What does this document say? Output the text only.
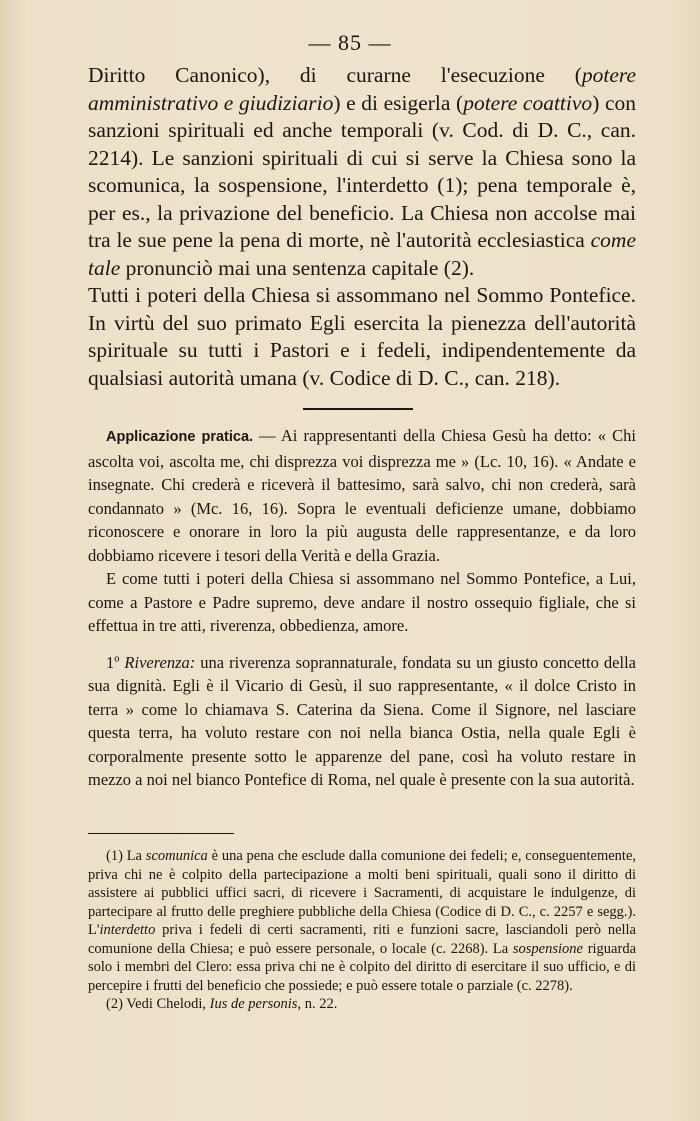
— 85 —

Diritto Canonico), di curarne l'esecuzione (potere amministrativo e giudiziario) e di esigerla (potere coattivo) con sanzioni spirituali ed anche temporali (v. Cod. di D. C., can. 2214). Le sanzioni spirituali di cui si serve la Chiesa sono la scomunica, la sospensione, l'interdetto (1); pena temporale è, per es., la privazione del beneficio. La Chiesa non accolse mai tra le sue pene la pena di morte, nè l'autorità ecclesiastica come tale pronunciò mai una sentenza capitale (2).

Tutti i poteri della Chiesa si assommano nel Sommo Pontefice. In virtù del suo primato Egli esercita la pienezza dell'autorità spirituale su tutti i Pastori e i fedeli, indipendentemente da qualsiasi autorità umana (v. Codice di D. C., can. 218).

Applicazione pratica. — Ai rappresentanti della Chiesa Gesù ha detto: « Chi ascolta voi, ascolta me, chi disprezza voi disprezza me » (Lc. 10, 16). « Andate e insegnate. Chi crederà e riceverà il battesimo, sarà salvo, chi non crederà, sarà condannato » (Mc. 16, 16). Sopra le eventuali deficienze umane, dobbiamo riconoscere e onorare in loro la più augusta delle rappresentanze, e da loro dobbiamo ricevere i tesori della Verità e della Grazia.

E come tutti i poteri della Chiesa si assommano nel Sommo Pontefice, a Lui, come a Pastore e Padre supremo, deve andare il nostro ossequio figliale, che si effettua in tre atti, riverenza, obbedienza, amore.

1º Riverenza: una riverenza soprannaturale, fondata su un giusto concetto della sua dignità. Egli è il Vicario di Gesù, il suo rappresentante, « il dolce Cristo in terra » come lo chiamava S. Caterina da Siena. Come il Signore, nel lasciare questa terra, ha voluto restare con noi nella bianca Ostia, nella quale Egli è corporalmente presente sotto le apparenze del pane, così ha voluto restare in mezzo a noi nel bianco Pontefice di Roma, nel quale è presente con la sua autorità.

(1) La scomunica è una pena che esclude dalla comunione dei fedeli; e, conseguentemente, priva chi ne è colpito della partecipazione a molti beni spirituali, quali sono il diritto di assistere ai pubblici uffici sacri, di ricevere i Sacramenti, di acquistare le indulgenze, di partecipare al frutto delle preghiere pubbliche della Chiesa (Codice di D. C., c. 2257 e segg.). L'interdetto priva i fedeli di certi sacramenti, riti e funzioni sacre, lasciandoli però nella comunione della Chiesa; e può essere personale, o locale (c. 2268). La sospensione riguarda solo i membri del Clero: essa priva chi ne è colpito del diritto di esercitare il suo ufficio, e di percepire i frutti del beneficio che possiede; e può essere totale o parziale (c. 2278).

(2) Vedi Chelodi, Ius de personis, n. 22.
